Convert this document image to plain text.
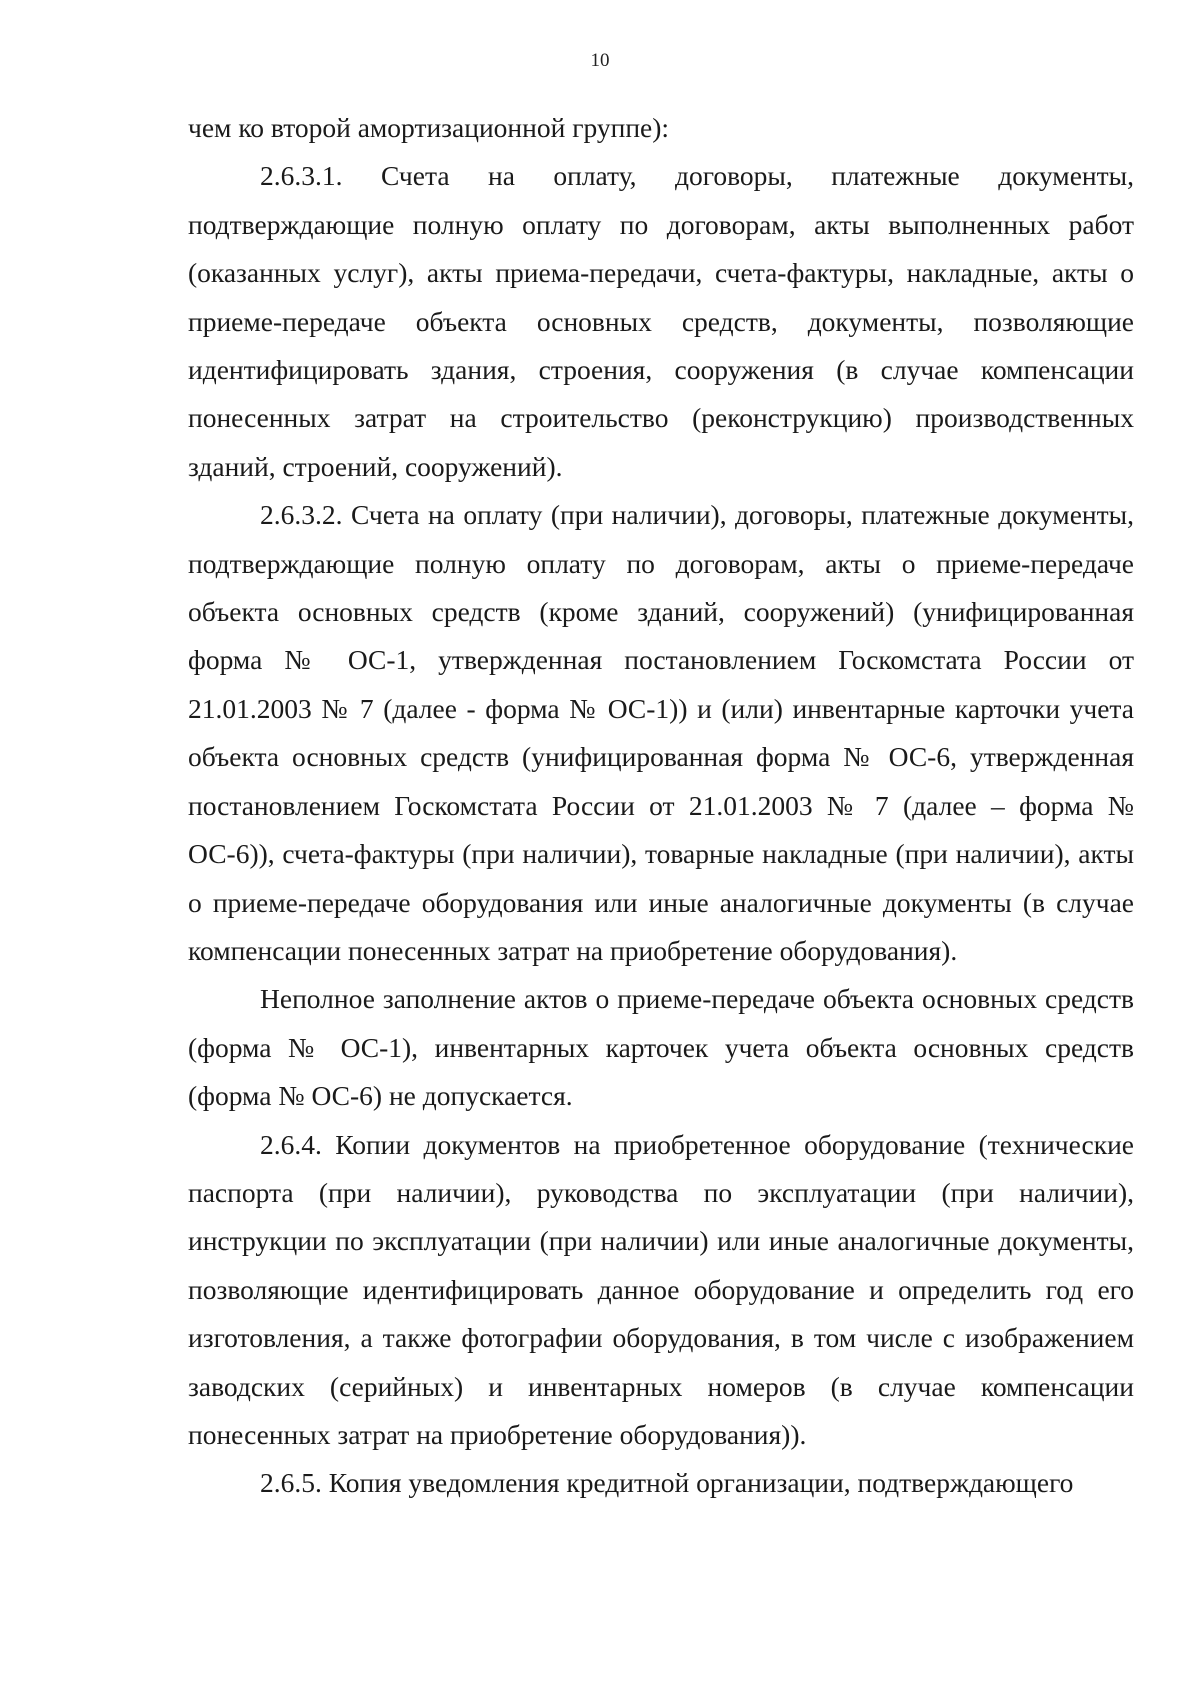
10

чем ко второй амортизационной группе):

2.6.3.1. Счета на оплату, договоры, платежные документы, подтверждающие полную оплату по договорам, акты выполненных работ (оказанных услуг), акты приема-передачи, счета-фактуры, накладные, акты о приеме-передаче объекта основных средств, документы, позволяющие идентифицировать здания, строения, сооружения (в случае компенсации понесенных затрат на строительство (реконструкцию) производственных зданий, строений, сооружений).

2.6.3.2. Счета на оплату (при наличии), договоры, платежные документы, подтверждающие полную оплату по договорам, акты о приеме-передаче объекта основных средств (кроме зданий, сооружений) (унифицированная форма № ОС-1, утвержденная постановлением Госкомстата России от 21.01.2003 № 7 (далее - форма № ОС-1)) и (или) инвентарные карточки учета объекта основных средств (унифицированная форма № ОС-6, утвержденная постановлением Госкомстата России от 21.01.2003 № 7 (далее – форма № ОС-6)), счета-фактуры (при наличии), товарные накладные (при наличии), акты о приеме-передаче оборудования или иные аналогичные документы (в случае компенсации понесенных затрат на приобретение оборудования).

Неполное заполнение актов о приеме-передаче объекта основных средств (форма № ОС-1), инвентарных карточек учета объекта основных средств (форма № ОС-6) не допускается.

2.6.4. Копии документов на приобретенное оборудование (технические паспорта (при наличии), руководства по эксплуатации (при наличии), инструкции по эксплуатации (при наличии) или иные аналогичные документы, позволяющие идентифицировать данное оборудование и определить год его изготовления, а также фотографии оборудования, в том числе с изображением заводских (серийных) и инвентарных номеров (в случае компенсации понесенных затрат на приобретение оборудования)).

2.6.5. Копия уведомления кредитной организации, подтверждающего
